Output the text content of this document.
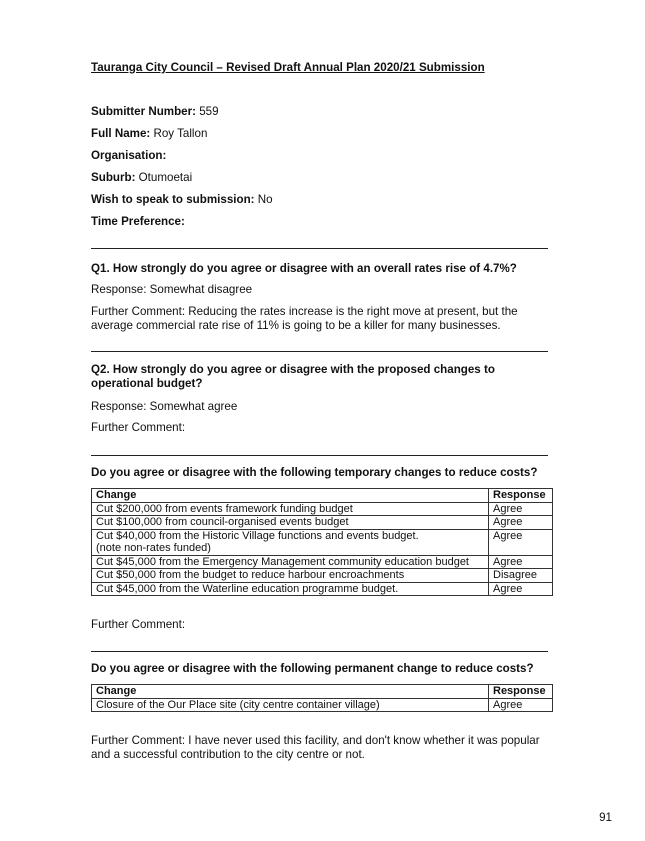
Tauranga City Council – Revised Draft Annual Plan 2020/21 Submission
Submitter Number: 559
Full Name: Roy Tallon
Organisation:
Suburb: Otumoetai
Wish to speak to submission: No
Time Preference:
Q1. How strongly do you agree or disagree with an overall rates rise of 4.7%?
Response: Somewhat disagree
Further Comment: Reducing the rates increase is the right move at present, but the average commercial rate rise of 11% is going to be a killer for many businesses.
Q2. How strongly do you agree or disagree with the proposed changes to operational budget?
Response: Somewhat agree
Further Comment:
Do you agree or disagree with the following temporary changes to reduce costs?
Change	Response
Cut $200,000 from events framework funding budget	Agree
Cut $100,000 from council-organised events budget	Agree
Cut $40,000 from the Historic Village functions and events budget.
(note non-rates funded)	Agree
Cut $45,000 from the Emergency Management community education budget	Agree
Cut $50,000 from the budget to reduce harbour encroachments	Disagree
Cut $45,000 from the Waterline education programme budget.	Agree
Further Comment:
Do you agree or disagree with the following permanent change to reduce costs?
Change	Response
Closure of the Our Place site (city centre container village)	Agree
Further Comment: I have never used this facility, and don't know whether it was popular and a successful contribution to the city centre or not.
91
